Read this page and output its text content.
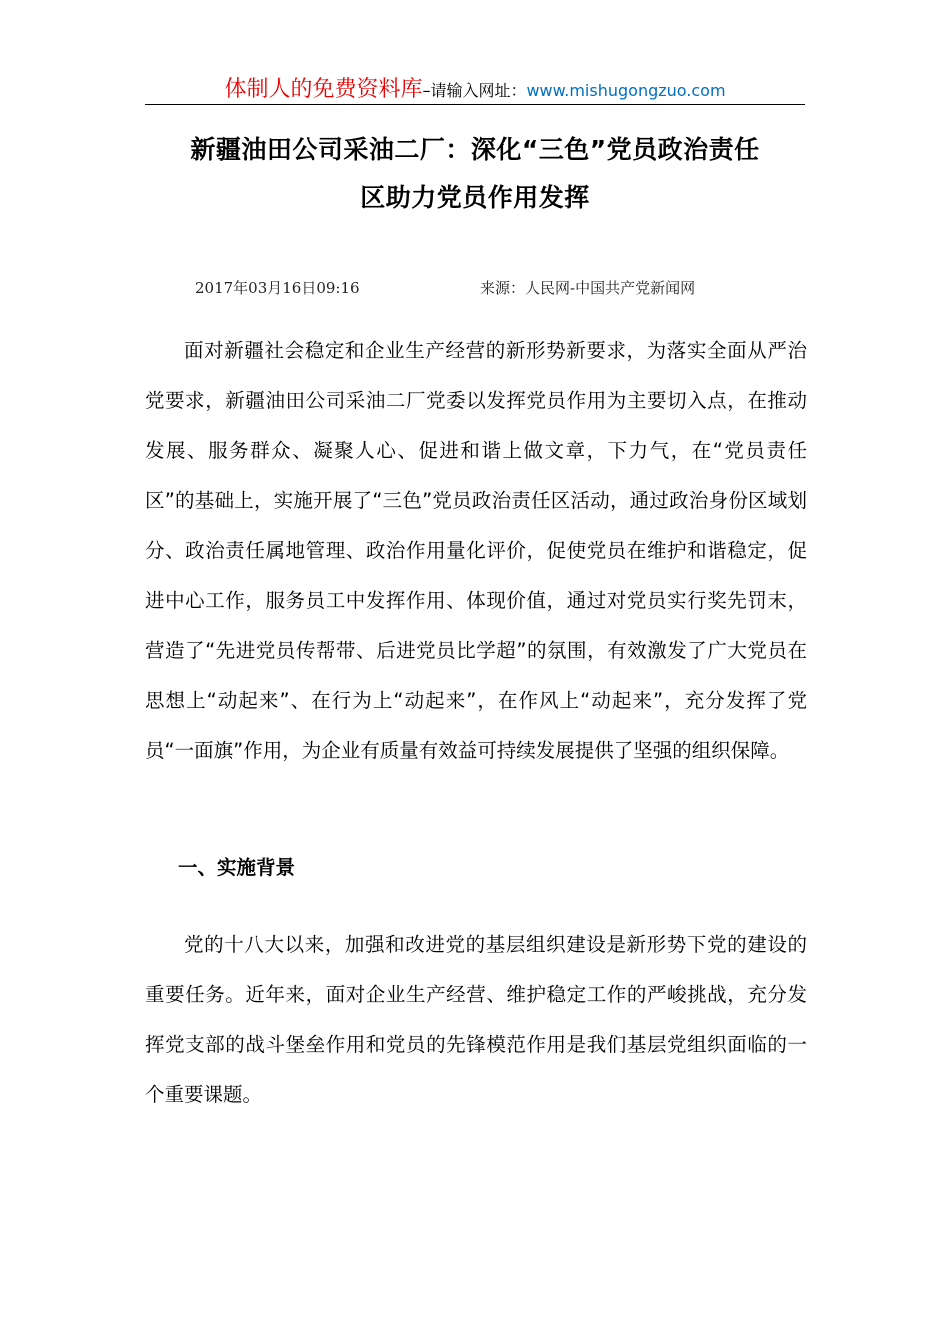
体制人的免费资料库–请输入网址：www.mishugongzuo.com
新疆油田公司采油二厂：深化“三色”党员政治责任
区助力党员作用发挥
2017年03月16日09:16	来源：人民网-中国共产党新闻网

面对新疆社会稳定和企业生产经营的新形势新要求，为落实全面从严治党要求，新疆油田公司采油二厂党委以发挥党员作用为主要切入点，在推动发展、服务群众、凝聚人心、促进和谐上做文章，下力气，在“党员责任区”的基础上，实施开展了“三色”党员政治责任区活动，通过政治身份区域划分、政治责任属地管理、政治作用量化评价，促使党员在维护和谐稳定，促进中心工作，服务员工中发挥作用、体现价值，通过对党员实行奖先罚末，营造了“先进党员传帮带、后进党员比学超”的氛围，有效激发了广大党员在思想上“动起来”、在行为上“动起来”，在作风上“动起来”，充分发挥了党员“一面旗”作用，为企业有质量有效益可持续发展提供了坚强的组织保障。

一、实施背景

党的十八大以来，加强和改进党的基层组织建设是新形势下党的建设的重要任务。近年来，面对企业生产经营、维护稳定工作的严峻挑战，充分发挥党支部的战斗堡垒作用和党员的先锋模范作用是我们基层党组织面临的一个重要课题。
